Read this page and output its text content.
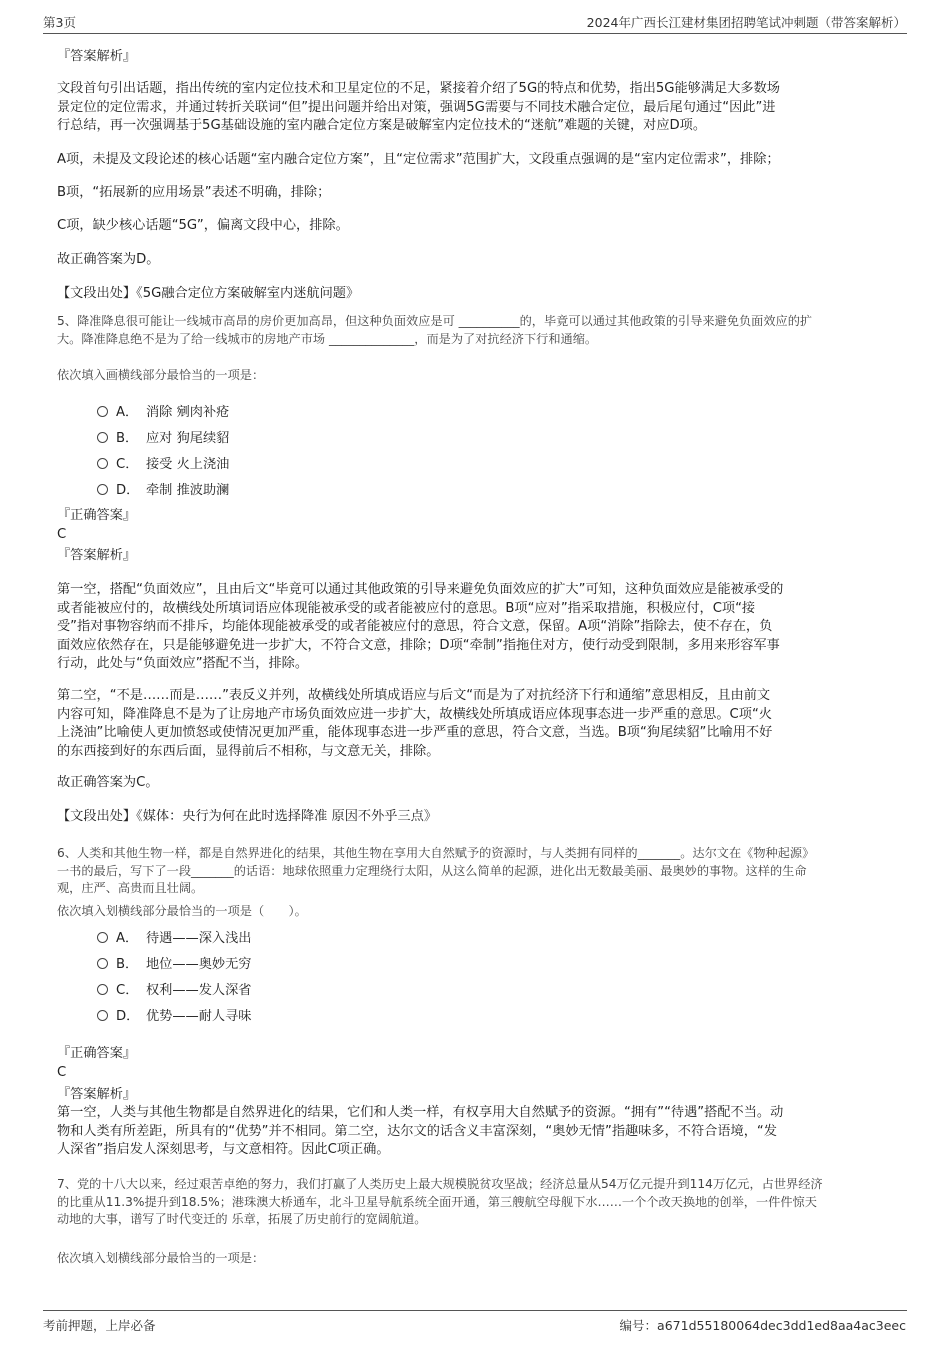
第3页	2024年广西长江建材集团招聘笔试冲刺题（带答案解析）
『答案解析』
文段首句引出话题，指出传统的室内定位技术和卫星定位的不足，紧接着介绍了5G的特点和优势，指出5G能够满足大多数场
景定位的定位需求，并通过转折关联词“但”提出问题并给出对策，强调5G需要与不同技术融合定位，最后尾句通过“因此”进
行总结，再一次强调基于5G基础设施的室内融合定位方案是破解室内定位技术的“迷航”难题的关键，对应D项。
A项，未提及文段论述的核心话题“室内融合定位方案”，且“定位需求”范围扩大，文段重点强调的是“室内定位需求”，排除；
B项，“拓展新的应用场景”表述不明确，排除；
C项，缺少核心话题“5G”，偏离文段中心，排除。
故正确答案为D。
【文段出处】《5G融合定位方案破解室内迷航问题》
5、降准降息很可能让一线城市高昂的房价更加高昂，但这种负面效应是可 __________的，毕竟可以通过其他政策的引导来避免负面效应的扩
大。降准降息绝不是为了给一线城市的房地产市场 ______________，而是为了对抗经济下行和通缩。
依次填入画横线部分最恰当的一项是：
A． 消除 剜肉补疮
B． 应对 狗尾续貂
C． 接受 火上浇油
D． 牵制 推波助澜
『正确答案』
C
『答案解析』
第一空，搭配“负面效应”，且由后文“毕竟可以通过其他政策的引导来避免负面效应的扩大”可知，这种负面效应是能被承受的
或者能被应付的，故横线处所填词语应体现能被承受的或者能被应付的意思。B项“应对”指采取措施，积极应付，C项“接
受”指对事物容纳而不排斥，均能体现能被承受的或者能被应付的意思，符合文意，保留。A项“消除”指除去，使不存在，负
面效应依然存在，只是能够避免进一步扩大，不符合文意，排除；D项“牵制”指拖住对方，使行动受到限制，多用来形容军事
行动，此处与“负面效应”搭配不当，排除。
第二空，“不是……而是……”表反义并列，故横线处所填成语应与后文“而是为了对抗经济下行和通缩”意思相反，且由前文
内容可知，降准降息不是为了让房地产市场负面效应进一步扩大，故横线处所填成语应体现事态进一步严重的意思。C项“火
上浇油”比喻使人更加愤怒或使情况更加严重，能体现事态进一步严重的意思，符合文意，当选。B项“狗尾续貂”比喻用不好
的东西接到好的东西后面，显得前后不相称，与文意无关，排除。
故正确答案为C。
【文段出处】《媒体：央行为何在此时选择降准 原因不外乎三点》
6、人类和其他生物一样，都是自然界进化的结果，其他生物在享用大自然赋予的资源时，与人类拥有同样的_______。达尔文在《物种起源》
一书的最后，写下了一段_______的话语：地球依照重力定理绕行太阳，从这么简单的起源，进化出无数最美丽、最奥妙的事物。这样的生命
观，庄严、高贵而且壮阔。
依次填入划横线部分最恰当的一项是（　　）。
A． 待遇——深入浅出
B． 地位——奥妙无穷
C． 权利——发人深省
D． 优势——耐人寻味
『正确答案』
C
『答案解析』
第一空，人类与其他生物都是自然界进化的结果，它们和人类一样，有权享用大自然赋予的资源。“拥有”“待遇”搭配不当。动
物和人类有所差距，所具有的“优势”并不相同。第二空，达尔文的话含义丰富深刻，“奥妙无情”指趣味多，不符合语境，“发
人深省”指启发人深刻思考，与文意相符。因此C项正确。
7、党的十八大以来，经过艰苦卓绝的努力，我们打赢了人类历史上最大规模脱贫攻坚战；经济总量从54万亿元提升到114万亿元，占世界经济
的比重从11.3%提升到18.5%；港珠澳大桥通车，北斗卫星导航系统全面开通，第三艘航空母舰下水……一个个改天换地的创举，一件件惊天
动地的大事，谱写了时代变迁的 乐章，拓展了历史前行的宽阔航道。
依次填入划横线部分最恰当的一项是：
考前押题，上岸必备	编号：a671d55180064dec3dd1ed8aa4ac3eec
